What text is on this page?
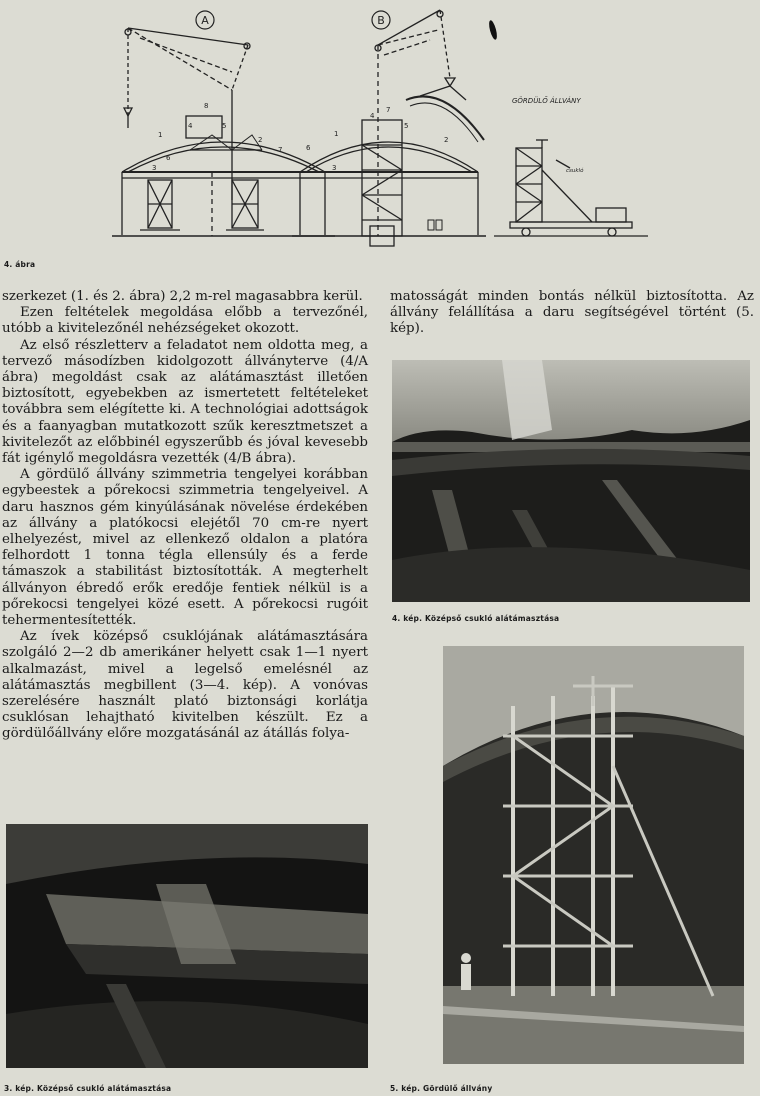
A	B
GÖRDÜLŐ ÁLLVÁNY
csukló
1
2
3
4	5
6
7
8
1
2
3
4
5
6
7
4. ábra

szerkezet (1. és 2. ábra) 2,2 m-rel magasabbra kerül.

Ezen feltételek megoldása előbb a tervezőnél, utóbb a kivitelezőnél nehézségeket okozott.

Az első részletterv a feladatot nem oldotta meg, a tervező másodízben kidolgozott állványterve (4/A ábra) megoldást csak az alátámasztást illetően biztosított, egyebekben az ismertetett feltételeket továbbra sem elégítette ki. A technológiai adottságok és a faanyagban mutatkozott szűk keresztmetszet a kivitelezőt az előbbinél egyszerűbb és jóval kevesebb fát igénylő megoldásra vezették (4/B ábra).

A gördülő állvány szimmetria tengelyei korábban egybeestek a pőrekocsi szimmetria tengelyeivel. A daru hasznos gém kinyúlásának növelése érdekében az állvány a platókocsi elejétől 70 cm-re nyert elhelyezést, mivel az ellenkező oldalon a platóra felhordott 1 tonna tégla ellensúly és a ferde támaszok a stabilitást biztosították. A megterhelt állványon ébredő erők eredője fentiek nélkül is a pőrekocsi tengelyei közé esett. A pőrekocsi rugóit tehermentesítették.

Az ívek középső csuklójának alátámasztására szolgáló 2—2 db amerikáner helyett csak 1—1 nyert alkalmazást, mivel a legelső emelésnél az alátámasztás megbillent (3—4. kép). A vonóvas szerelésére használt plató biztonsági korlátja csuklósan lehajtható kivitelben készült. Ez a gördülőállvány előre mozgatásánál az átállás folya-

matosságát minden bontás nélkül biztosította. Az állvány felállítása a daru segítségével történt (5. kép).

4. kép. Középső csukló alátámasztása
5. kép. Gördülő állvány
3. kép. Középső csukló alátámasztása
